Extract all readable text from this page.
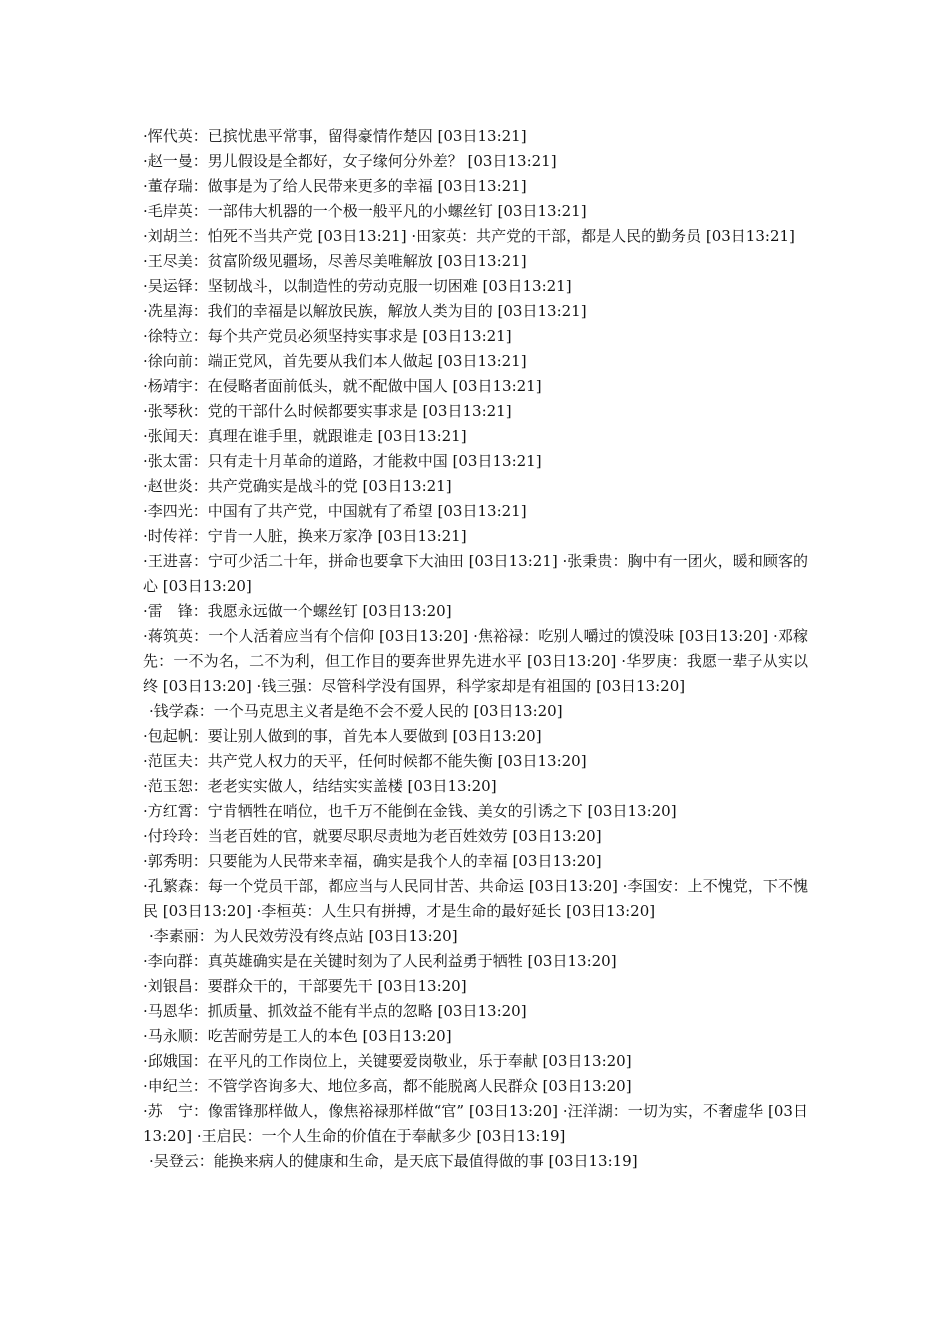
·恽代英：已摈忧患平常事，留得豪情作楚囚 [03日13:21]

·赵一曼：男儿假设是全都好，女子缘何分外差？ [03日13:21]

·董存瑞：做事是为了给人民带来更多的幸福 [03日13:21]

·毛岸英：一部伟大机器的一个极一般平凡的小螺丝钉 [03日13:21]

·刘胡兰：怕死不当共产党 [03日13:21] ·田家英：共产党的干部，都是人民的勤务员 [03日13:21]

·王尽美：贫富阶级见疆场，尽善尽美唯解放 [03日13:21]

·吴运铎：坚韧战斗，以制造性的劳动克服一切困难 [03日13:21]

·冼星海：我们的幸福是以解放民族，解放人类为目的 [03日13:21]

·徐特立：每个共产党员必须坚持实事求是 [03日13:21]

·徐向前：端正党风，首先要从我们本人做起 [03日13:21]

·杨靖宇：在侵略者面前低头，就不配做中国人 [03日13:21]

·张琴秋：党的干部什么时候都要实事求是 [03日13:21]

·张闻天：真理在谁手里，就跟谁走 [03日13:21]

·张太雷：只有走十月革命的道路，才能救中国 [03日13:21]

·赵世炎：共产党确实是战斗的党 [03日13:21]

·李四光：中国有了共产党，中国就有了希望 [03日13:21]

·时传祥：宁肯一人脏，换来万家净 [03日13:21]

·王进喜：宁可少活二十年，拼命也要拿下大油田 [03日13:21] ·张秉贵：胸中有一团火，暖和顾客的心 [03日13:20]

·雷　锋：我愿永远做一个螺丝钉 [03日13:20]

·蒋筑英：一个人活着应当有个信仰 [03日13:20] ·焦裕禄：吃别人嚼过的馍没味 [03日13:20] ·邓稼先：一不为名，二不为利，但工作目的要奔世界先进水平 [03日13:20] ·华罗庚：我愿一辈子从实以终 [03日13:20] ·钱三强：尽管科学没有国界，科学家却是有祖国的 [03日13:20]

·钱学森：一个马克思主义者是绝不会不爱人民的 [03日13:20]

·包起帆：要让别人做到的事，首先本人要做到 [03日13:20]

·范匡夫：共产党人权力的天平，任何时候都不能失衡 [03日13:20]

·范玉恕：老老实实做人，结结实实盖楼 [03日13:20]

·方红霄：宁肯牺牲在哨位，也千万不能倒在金钱、美女的引诱之下 [03日13:20]

·付玲玲：当老百姓的官，就要尽职尽责地为老百姓效劳 [03日13:20]

·郭秀明：只要能为人民带来幸福，确实是我个人的幸福 [03日13:20]

·孔繁森：每一个党员干部，都应当与人民同甘苦、共命运 [03日13:20] ·李国安：上不愧党，下不愧民 [03日13:20] ·李桓英：人生只有拼搏，才是生命的最好延长 [03日13:20]

·李素丽：为人民效劳没有终点站 [03日13:20]

·李向群：真英雄确实是在关键时刻为了人民利益勇于牺牲 [03日13:20]

·刘银昌：要群众干的，干部要先干 [03日13:20]

·马恩华：抓质量、抓效益不能有半点的忽略 [03日13:20]

·马永顺：吃苦耐劳是工人的本色 [03日13:20]

·邱娥国：在平凡的工作岗位上，关键要爱岗敬业，乐于奉献 [03日13:20]

·申纪兰：不管学咨询多大、地位多高，都不能脱离人民群众 [03日13:20]

·苏　宁：像雷锋那样做人，像焦裕禄那样做“官” [03日13:20] ·汪洋湖：一切为实，不奢虚华 [03日13:20] ·王启民：一个人生命的价值在于奉献多少 [03日13:19]

·吴登云：能换来病人的健康和生命，是天底下最值得做的事 [03日13:19]
